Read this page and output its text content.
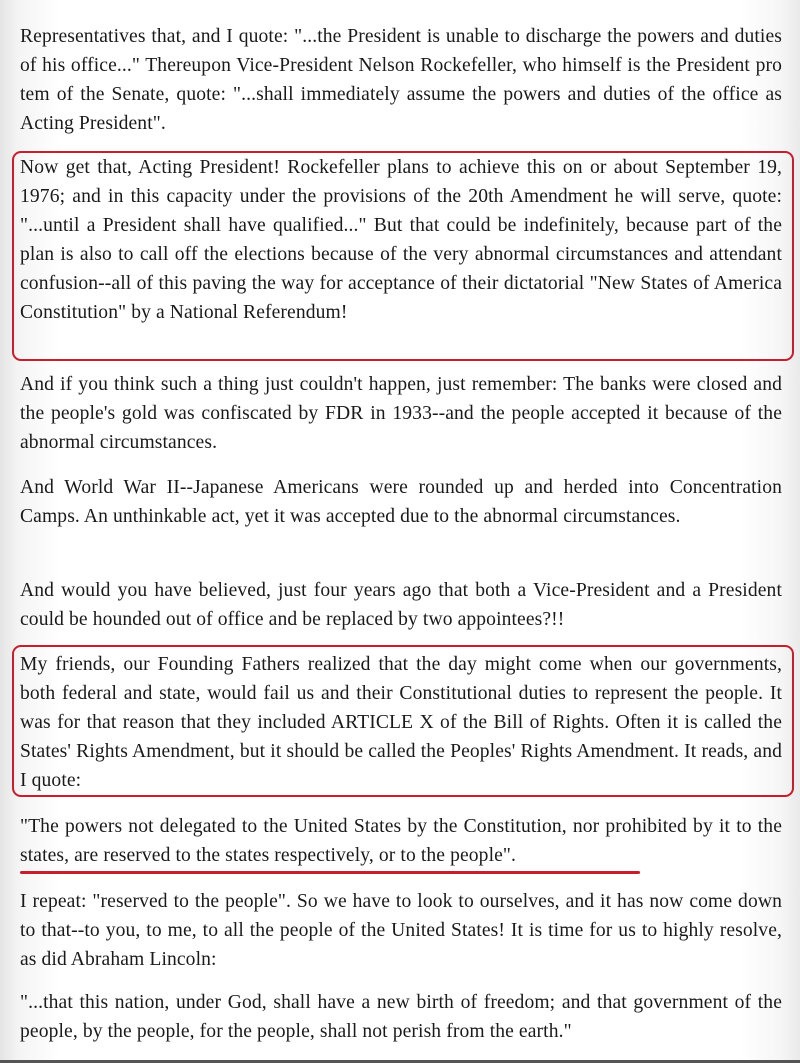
Representatives that, and I quote: "...the President is unable to discharge the powers and duties of his office..." Thereupon Vice-President Nelson Rockefeller, who himself is the President pro tem of the Senate, quote: "...shall immediately assume the powers and duties of the office as Acting President".

Now get that, Acting President! Rockefeller plans to achieve this on or about September 19, 1976; and in this capacity under the provisions of the 20th Amendment he will serve, quote: "...until a President shall have qualified..." But that could be indefinitely, because part of the plan is also to call off the elections because of the very abnormal circumstances and attendant confusion--all of this paving the way for acceptance of their dictatorial "New States of America Constitution" by a National Referendum!

And if you think such a thing just couldn't happen, just remember: The banks were closed and the people's gold was confiscated by FDR in 1933--and the people accepted it because of the abnormal circumstances.

And World War II--Japanese Americans were rounded up and herded into Concentration Camps. An unthinkable act, yet it was accepted due to the abnormal circumstances.

And would you have believed, just four years ago that both a Vice-President and a President could be hounded out of office and be replaced by two appointees?!!

My friends, our Founding Fathers realized that the day might come when our governments, both federal and state, would fail us and their Constitutional duties to represent the people. It was for that reason that they included ARTICLE X of the Bill of Rights. Often it is called the States' Rights Amendment, but it should be called the Peoples' Rights Amendment. It reads, and I quote:

"The powers not delegated to the United States by the Constitution, nor prohibited by it to the states, are reserved to the states respectively, or to the people".

I repeat: "reserved to the people". So we have to look to ourselves, and it has now come down to that--to you, to me, to all the people of the United States! It is time for us to highly resolve, as did Abraham Lincoln:

"...that this nation, under God, shall have a new birth of freedom; and that government of the people, by the people, for the people, shall not perish from the earth."
